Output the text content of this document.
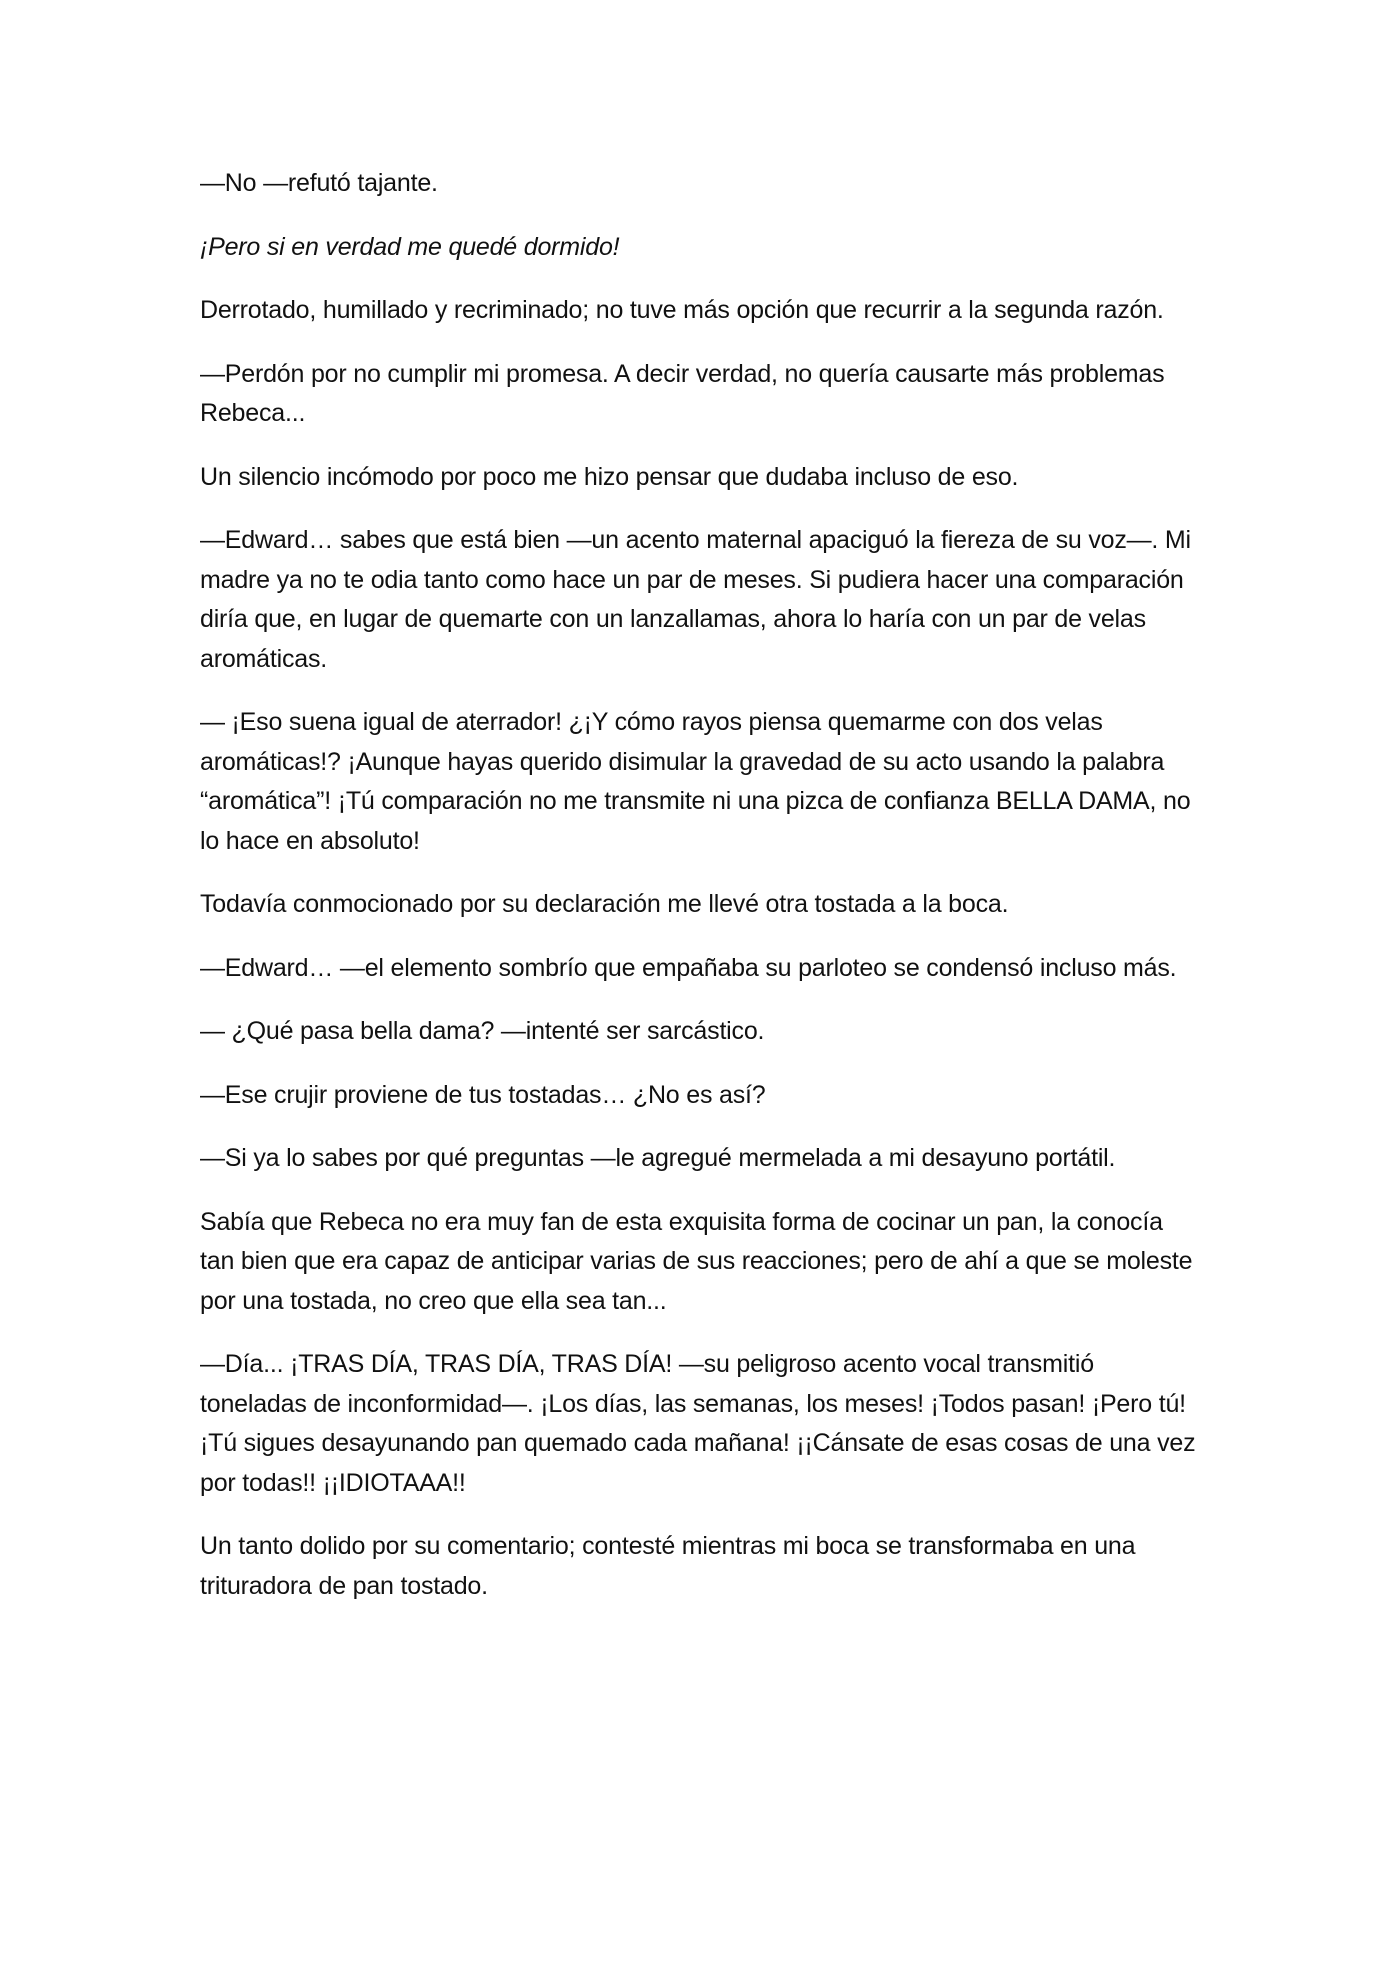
—No —refutó tajante.

¡Pero si en verdad me quedé dormido!

Derrotado, humillado y recriminado; no tuve más opción que recurrir a la segunda razón.

—Perdón por no cumplir mi promesa. A decir verdad, no quería causarte más problemas Rebeca...

Un silencio incómodo por poco me hizo pensar que dudaba incluso de eso.

—Edward… sabes que está bien —un acento maternal apaciguó la fiereza de su voz—. Mi madre ya no te odia tanto como hace un par de meses. Si pudiera hacer una comparación diría que, en lugar de quemarte con un lanzallamas, ahora lo haría con un par de velas aromáticas.

— ¡Eso suena igual de aterrador! ¿¡Y cómo rayos piensa quemarme con dos velas aromáticas!? ¡Aunque hayas querido disimular la gravedad de su acto usando la palabra “aromática”! ¡Tú comparación no me transmite ni una pizca de confianza BELLA DAMA, no lo hace en absoluto!

Todavía conmocionado por su declaración me llevé otra tostada a la boca.

—Edward… —el elemento sombrío que empañaba su parloteo se condensó incluso más.

— ¿Qué pasa bella dama? —intenté ser sarcástico.

—Ese crujir proviene de tus tostadas… ¿No es así?

—Si ya lo sabes por qué preguntas —le agregué mermelada a mi desayuno portátil.

Sabía que Rebeca no era muy fan de esta exquisita forma de cocinar un pan, la conocía tan bien que era capaz de anticipar varias de sus reacciones; pero de ahí a que se moleste por una tostada, no creo que ella sea tan...

—Día... ¡TRAS DÍA, TRAS DÍA, TRAS DÍA! —su peligroso acento vocal transmitió toneladas de inconformidad—. ¡Los días, las semanas, los meses! ¡Todos pasan! ¡Pero tú! ¡Tú sigues desayunando pan quemado cada mañana! ¡¡Cánsate de esas cosas de una vez por todas!! ¡¡IDIOTAAA!!

Un tanto dolido por su comentario; contesté mientras mi boca se transformaba en una trituradora de pan tostado.
